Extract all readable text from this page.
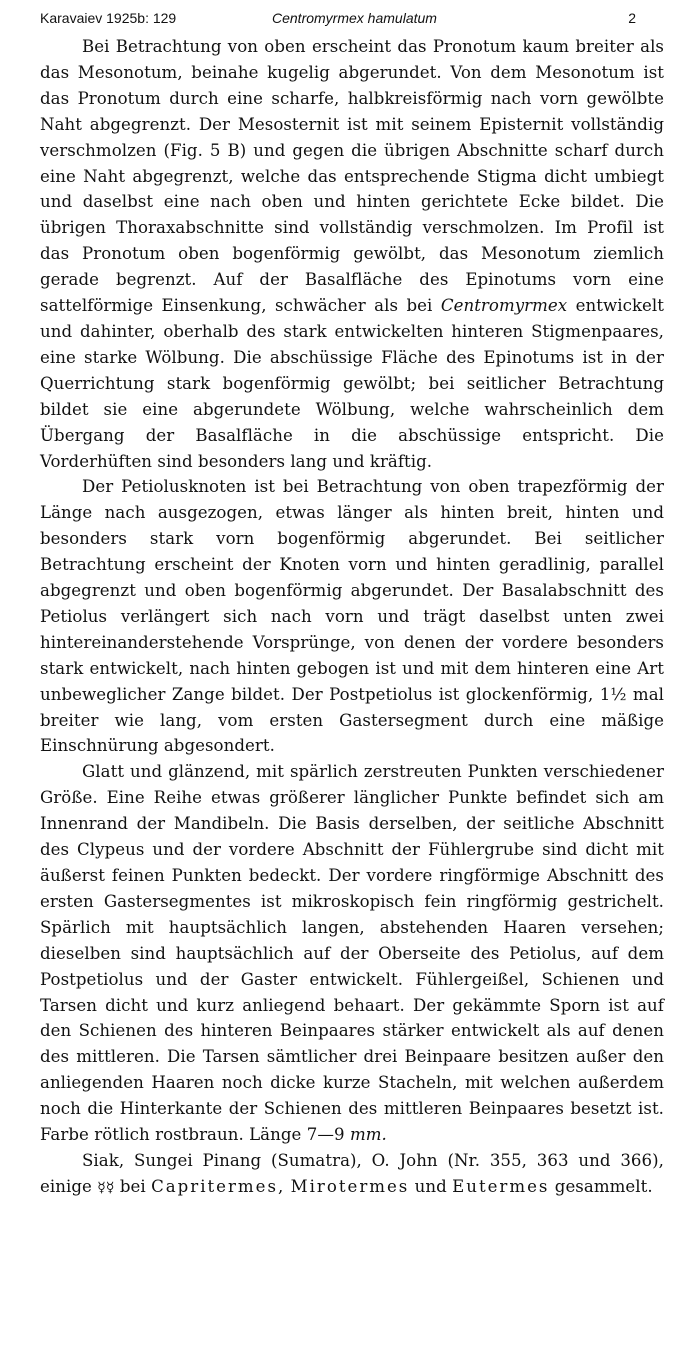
Karavaiev 1925b: 129	Centromyrmex hamulatum	2

Bei Betrachtung von oben erscheint das Pronotum kaum breiter als das Mesonotum, beinahe kugelig abgerundet. Von dem Mesonotum ist das Pronotum durch eine scharfe, halbkreisförmig nach vorn gewölbte Naht abgegrenzt. Der Mesosternit ist mit seinem Episternit vollständig verschmolzen (Fig. 5 B) und gegen die übrigen Abschnitte scharf durch eine Naht abgegrenzt, welche das entsprechende Stigma dicht umbiegt und daselbst eine nach oben und hinten gerichtete Ecke bildet. Die übrigen Thoraxabschnitte sind vollständig verschmolzen. Im Profil ist das Pronotum oben bogenförmig gewölbt, das Mesonotum ziemlich gerade begrenzt. Auf der Basalfläche des Epinotums vorn eine sattelförmige Einsenkung, schwächer als bei Centromyrmex entwickelt und dahinter, oberhalb des stark entwickelten hinteren Stigmenpaares, eine starke Wölbung. Die abschüssige Fläche des Epinotums ist in der Querrichtung stark bogenförmig gewölbt; bei seitlicher Betrachtung bildet sie eine abgerundete Wölbung, welche wahrscheinlich dem Übergang der Basalfläche in die abschüssige entspricht. Die Vorderhüften sind besonders lang und kräftig.

Der Petiolusknoten ist bei Betrachtung von oben trapezförmig der Länge nach ausgezogen, etwas länger als hinten breit, hinten und besonders stark vorn bogenförmig abgerundet. Bei seitlicher Betrachtung erscheint der Knoten vorn und hinten geradlinig, parallel abgegrenzt und oben bogenförmig abgerundet. Der Basalabschnitt des Petiolus verlängert sich nach vorn und trägt daselbst unten zwei hintereinanderstehende Vorsprünge, von denen der vordere besonders stark entwickelt, nach hinten gebogen ist und mit dem hinteren eine Art unbeweglicher Zange bildet. Der Postpetiolus ist glockenförmig, 1½ mal breiter wie lang, vom ersten Gastersegment durch eine mäßige Einschnürung abgesondert.

Glatt und glänzend, mit spärlich zerstreuten Punkten verschiedener Größe. Eine Reihe etwas größerer länglicher Punkte befindet sich am Innenrand der Mandibeln. Die Basis derselben, der seitliche Abschnitt des Clypeus und der vordere Abschnitt der Fühlergrube sind dicht mit äußerst feinen Punkten bedeckt. Der vordere ringförmige Abschnitt des ersten Gastersegmentes ist mikroskopisch fein ringförmig gestrichelt. Spärlich mit hauptsächlich langen, abstehenden Haaren versehen; dieselben sind hauptsächlich auf der Oberseite des Petiolus, auf dem Postpetiolus und der Gaster entwickelt. Fühlergeißel, Schienen und Tarsen dicht und kurz anliegend behaart. Der gekämmte Sporn ist auf den Schienen des hinteren Beinpaares stärker entwickelt als auf denen des mittleren. Die Tarsen sämtlicher drei Beinpaare besitzen außer den anliegenden Haaren noch dicke kurze Stacheln, mit welchen außerdem noch die Hinterkante der Schienen des mittleren Beinpaares besetzt ist. Farbe rötlich rostbraun. Länge 7—9 mm.

Siak, Sungei Pinang (Sumatra), O. John (Nr. 355, 363 und 366), einige ☿☿ bei Capritermes, Mirotermes und Eutermes gesammelt.
